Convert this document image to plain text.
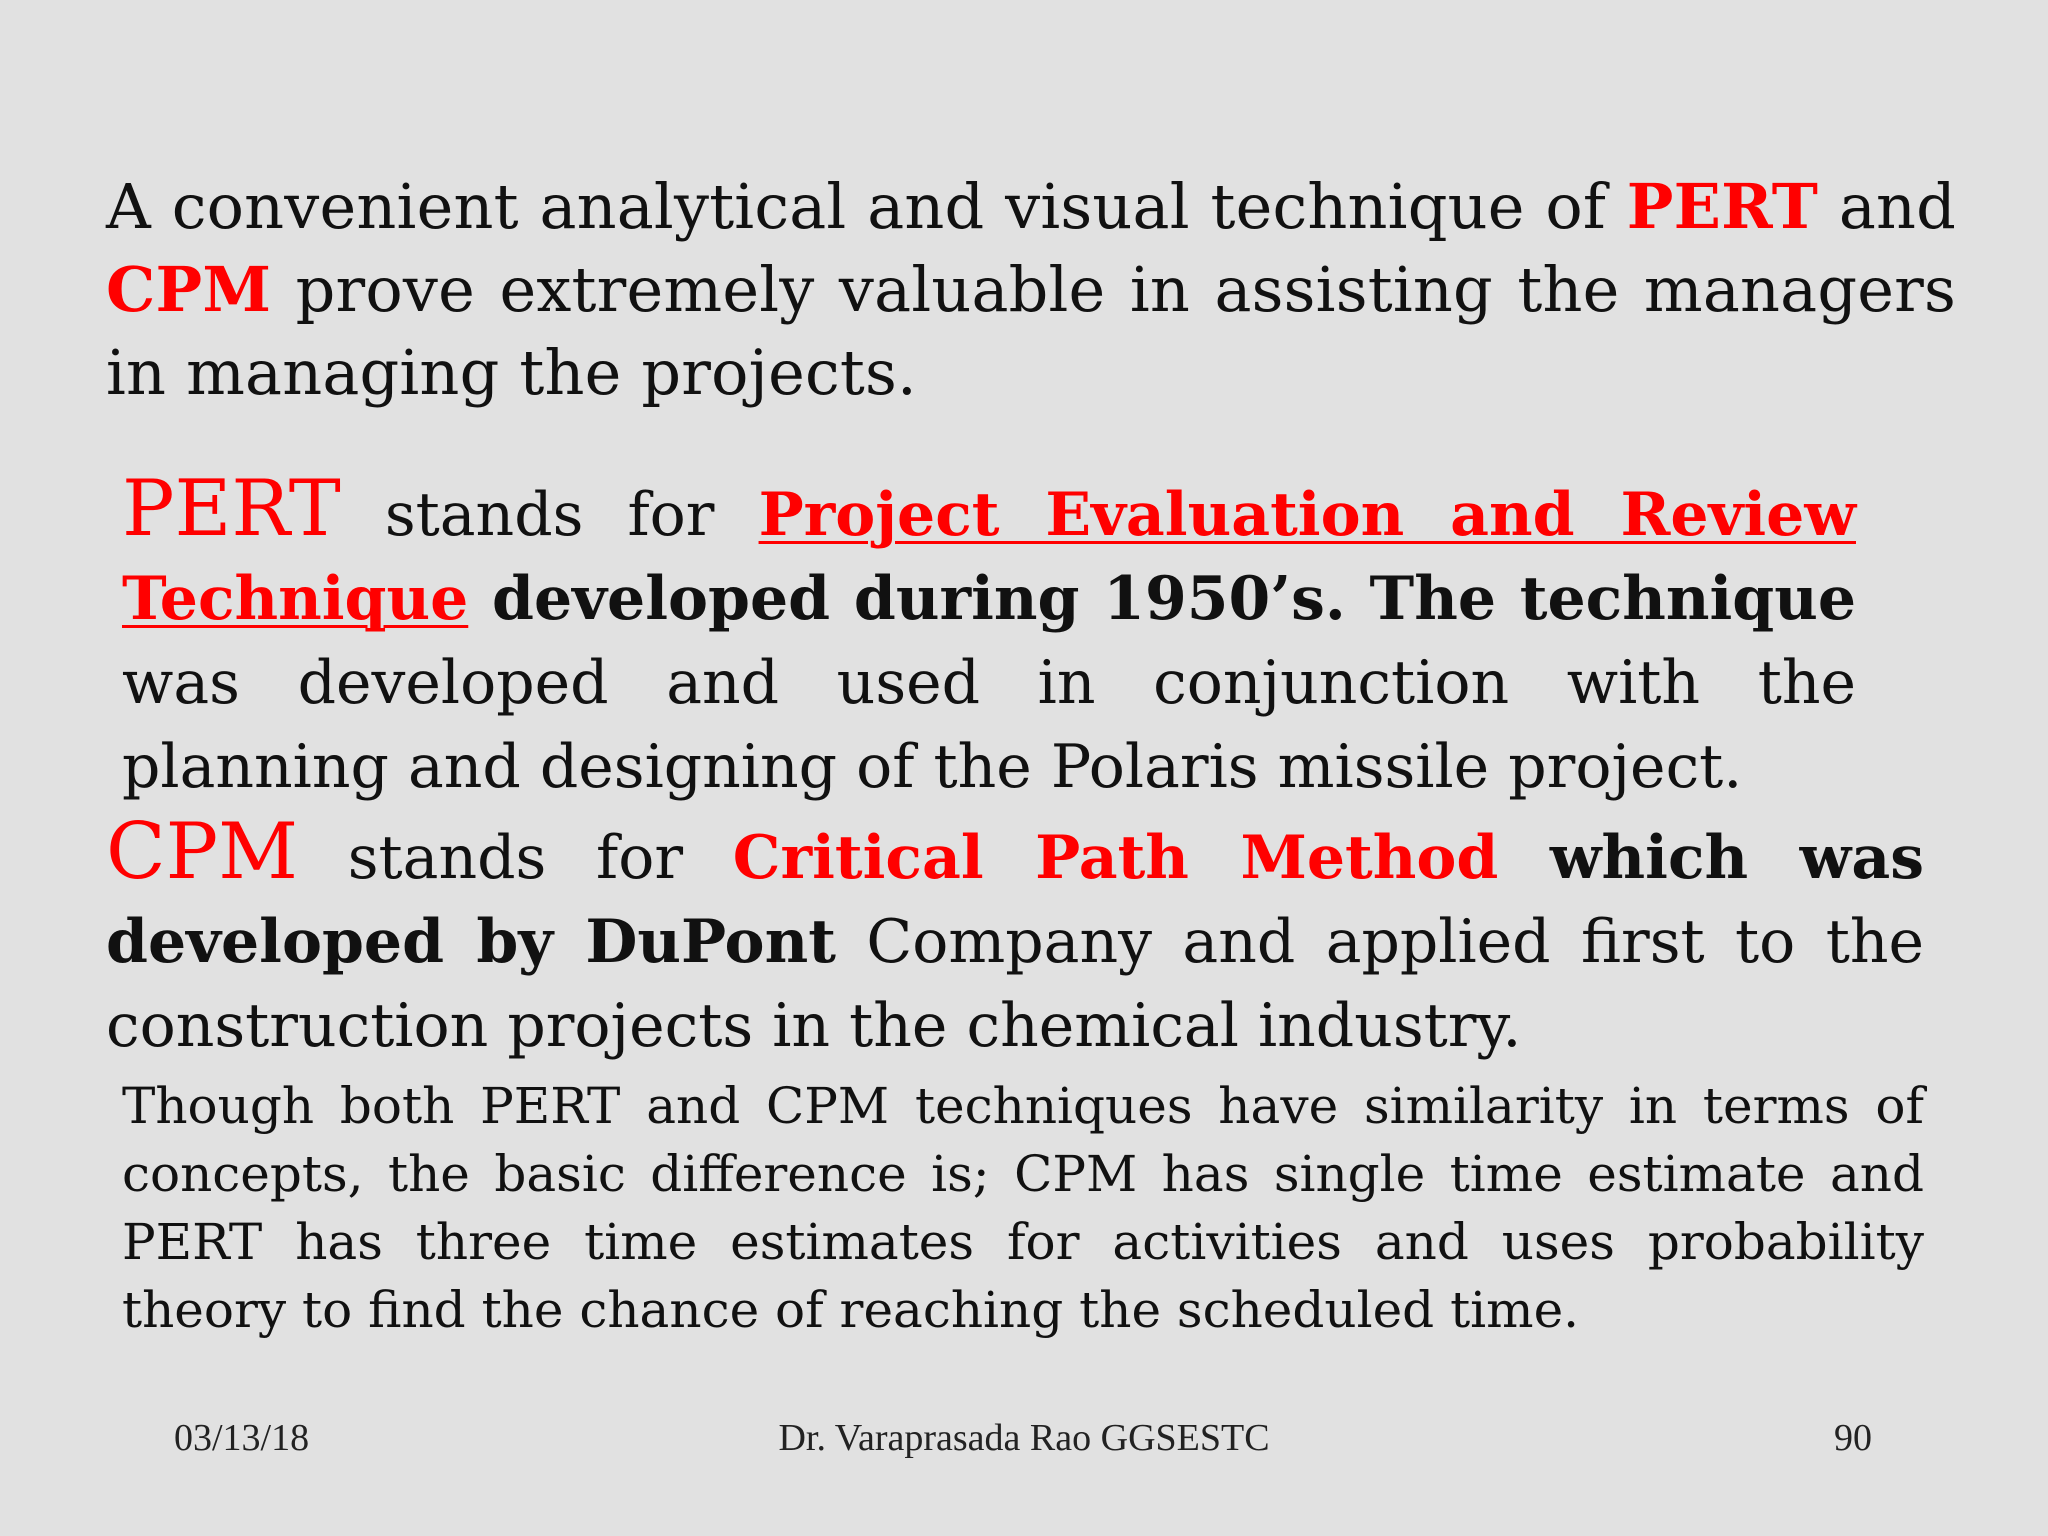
A convenient analytical and visual technique of PERT and CPM prove extremely valuable in assisting the managers in managing the projects.

PERT stands for Project Evaluation and Review Technique developed during 1950’s. The technique was developed and used in conjunction with the planning and designing of the Polaris missile project.

CPM stands for Critical Path Method which was developed by DuPont Company and applied first to the construction projects in the chemical industry.

Though both PERT and CPM techniques have similarity in terms of concepts, the basic difference is; CPM has single time estimate and PERT has three time estimates for activities and uses probability theory to find the chance of reaching the scheduled time.

03/13/18	Dr. Varaprasada Rao GGSESTC	90
